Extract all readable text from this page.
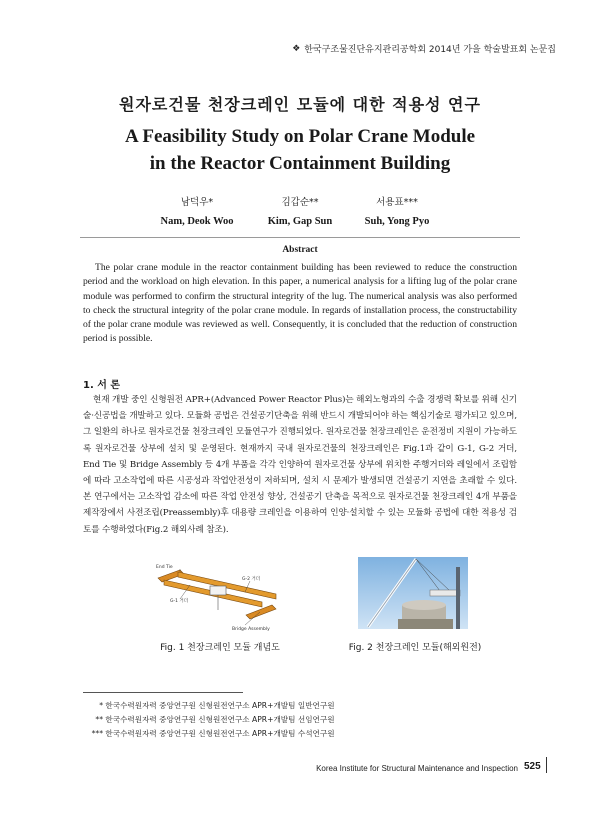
❖ 한국구조물진단유지관리공학회 2014년 가을 학술발표회 논문집
원자로건물 천장크레인 모듈에 대한 적용성 연구
A Feasibility Study on Polar Crane Module
in the Reactor Containment Building
남덕우*
Nam, Deok Woo
김갑순**
Kim, Gap Sun
서용표***
Suh, Yong Pyo
Abstract
The polar crane module in the reactor containment building has been reviewed to reduce the construction period and the workload on high elevation. In this paper, a numerical analysis for a lifting lug of the polar crane module was performed to confirm the structural integrity of the lug. The numerical analysis was also performed to check the structural integrity of the polar crane module. In regards of installation process, the constructability of the polar crane module was reviewed as well. Consequently, it is concluded that the reduction of construction period is possible.
1. 서 론
현재 개발 중인 신형원전 APR+(Advanced Power Reactor Plus)는 해외노형과의 수출 경쟁력 확보를 위해 신기술·신공법을 개발하고 있다. 모듈화 공법은 건설공기단축을 위해 반드시 개발되어야 하는 핵심기술로 평가되고 있으며, 그 일환의 하나로 원자로건물 천장크레인 모듈연구가 진행되었다. 원자로건물 천장크레인은 운전정비 지원이 가능하도록 원자로건물 상부에 설치 및 운영된다. 현재까지 국내 원자로건물의 천장크레인은 Fig.1과 같이 G-1, G-2 거더, End Tie 및 Bridge Assembly 등 4개 부품을 각각 인양하여 원자로건물 상부에 위치한 주행거더와 레일에서 조립함에 따라 고소작업에 따른 시공성과 작업안전성이 저하되며, 설치 시 문제가 발생되면 건설공기 지연을 초래할 수 있다. 본 연구에서는 고소작업 감소에 따른 작업 안전성 향상, 건설공기 단축을 목적으로 원자로건물 천장크레인 4개 부품을 제작장에서 사전조립(Preassembly)후 대용량 크레인을 이용하여 인양·설치할 수 있는 모듈화 공법에 대한 적용성 검토를 수행하였다(Fig.2 해외사례 참조).
End Tie
G-2 거더
G-1 거더
Bridge Assembly
Fig. 1 천장크레인 모듈 개념도	Fig. 2 천장크레인 모듈(해외원전)
* 한국수력원자력 중앙연구원 신형원전연구소 APR+개발팀 일반연구원
** 한국수력원자력 중앙연구원 신형원전연구소 APR+개발팀 선임연구원
*** 한국수력원자력 중앙연구원 신형원전연구소 APR+개발팀 수석연구원
Korea Institute for Structural Maintenance and Inspection 525
